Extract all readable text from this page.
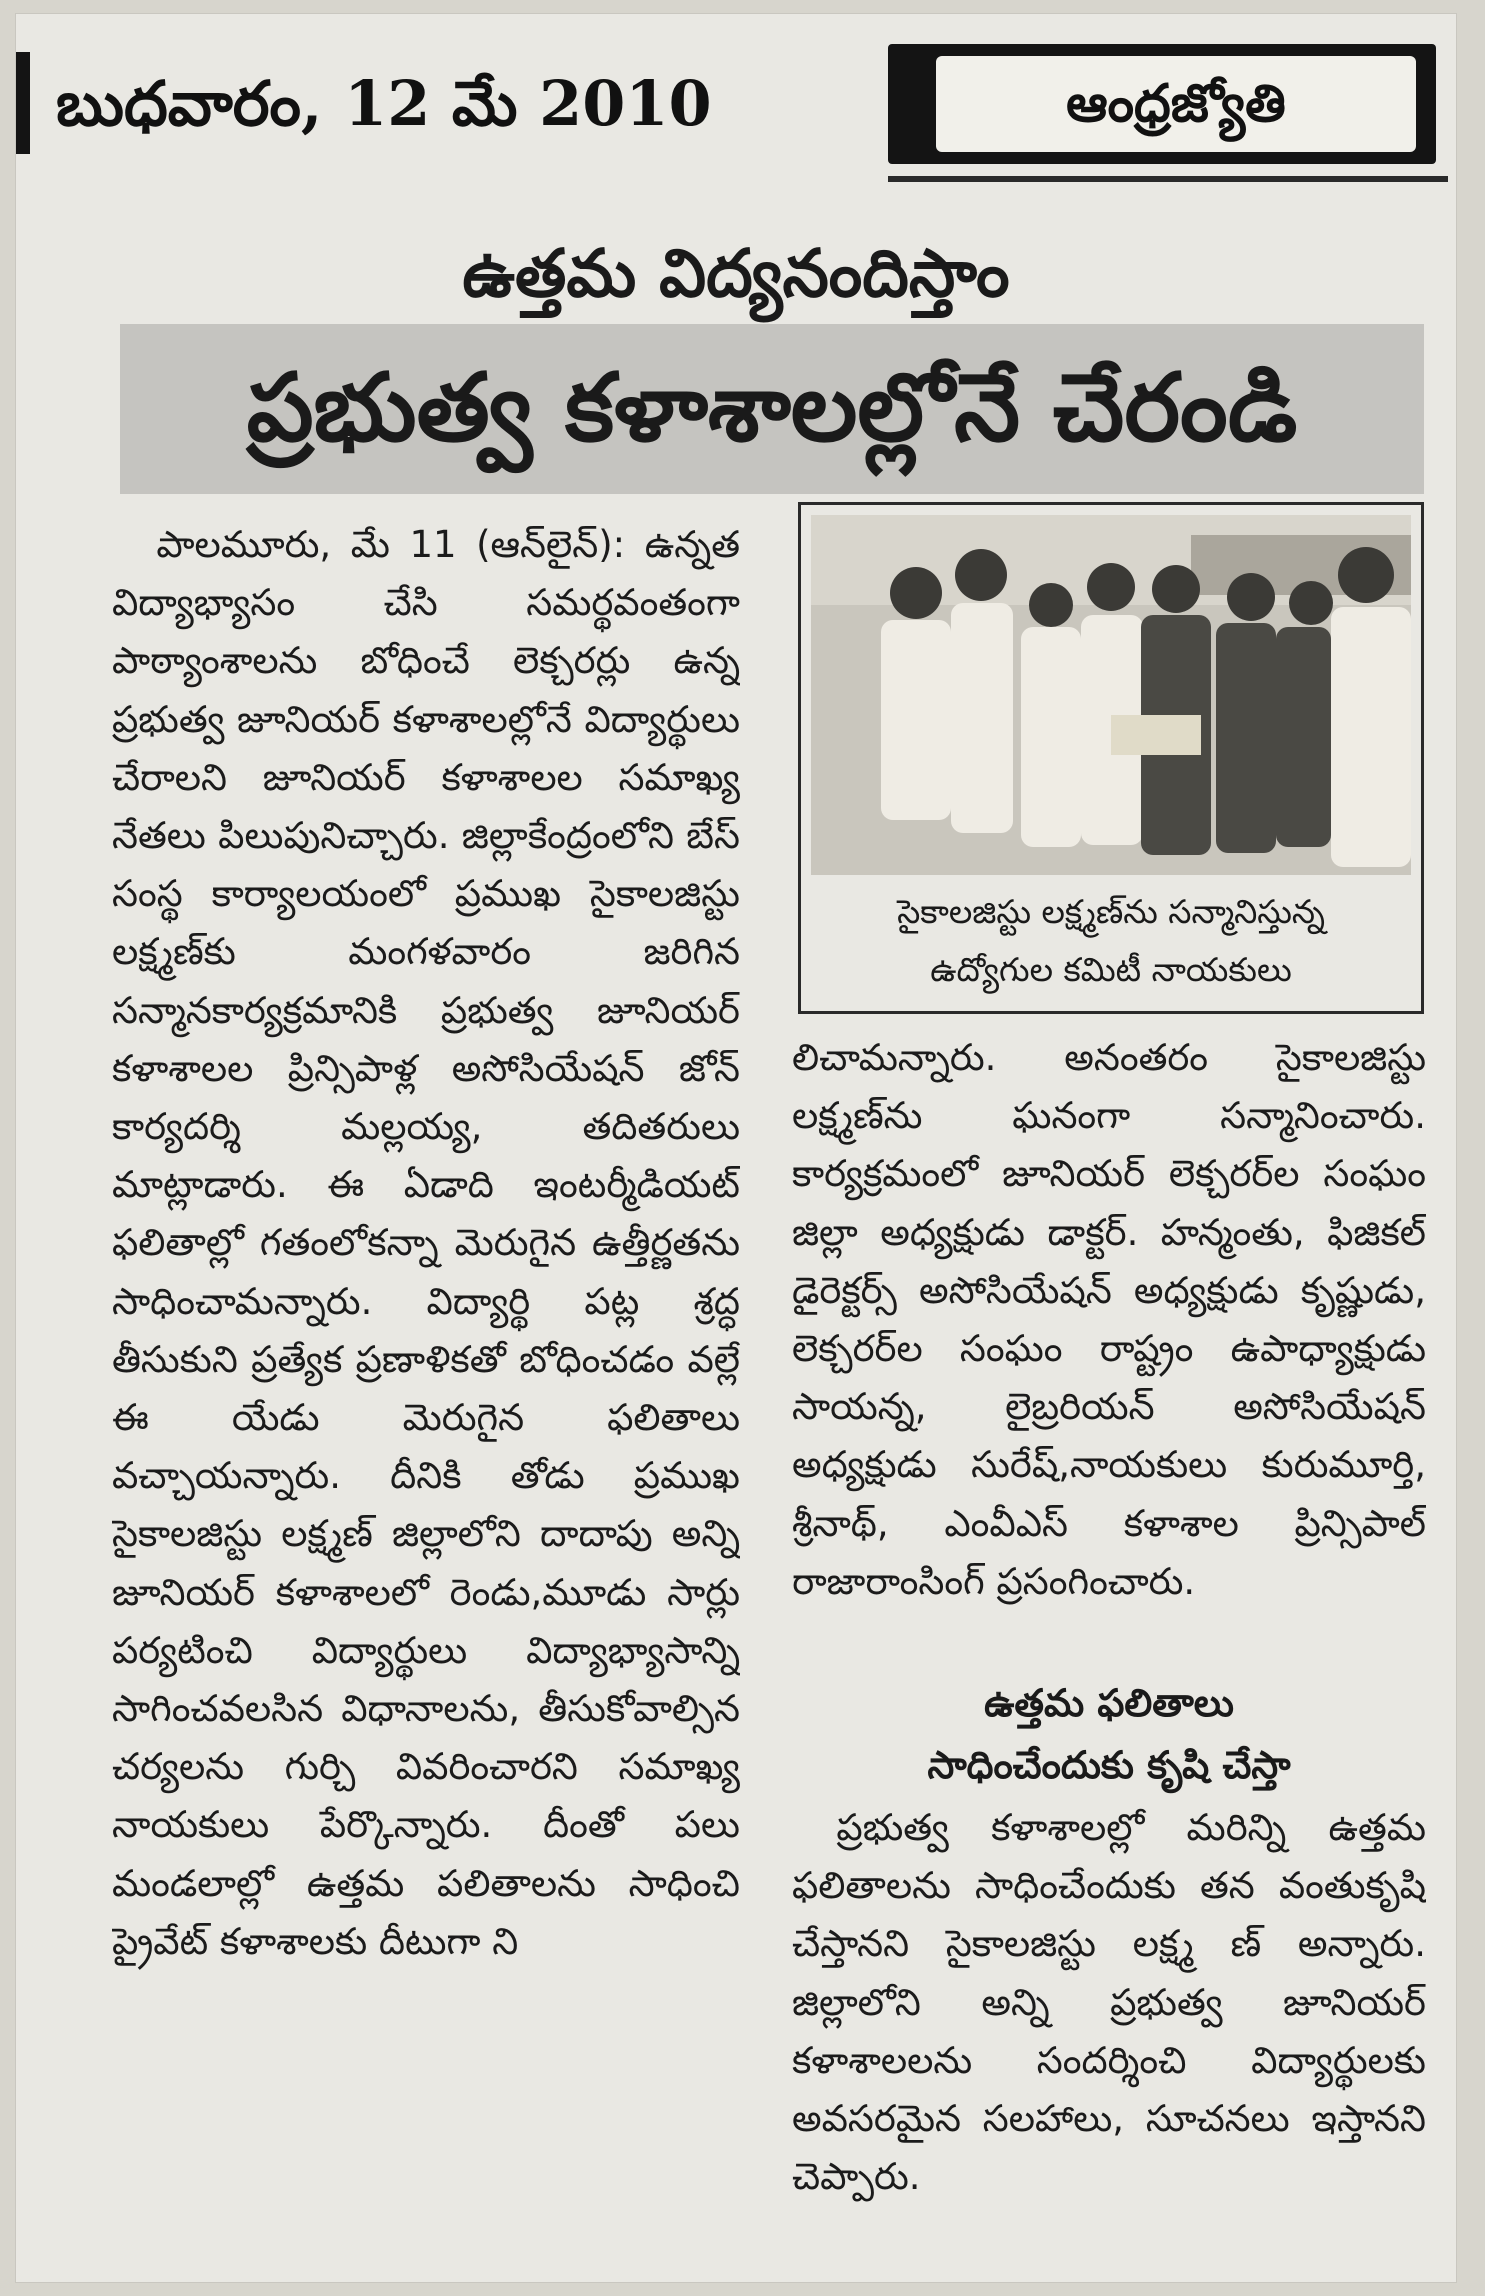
బుధవారం, 12 మే 2010	ఆంధ్రజ్యోతి
ఉత్తమ విద్యనందిస్తాం
ప్రభుత్వ కళాశాలల్లోనే చేరండి

పాలమూరు, మే 11 (ఆన్‌లైన్): ఉన్నత విద్యాభ్యాసం చేసి సమర్థవంతంగా పాఠ్యాంశాలను బోధించే లెక్చరర్లు ఉన్న ప్రభుత్వ జూనియర్ కళాశాలల్లోనే విద్యార్థులు చేరాలని జూనియర్ కళాశాలల సమాఖ్య నేతలు పిలుపునిచ్చారు. జిల్లాకేంద్రంలోని బేస్ సంస్థ కార్యాలయంలో ప్రముఖ సైకాలజిస్టు లక్ష్మణ్‌కు మంగళవారం జరిగిన సన్మానకార్యక్రమానికి ప్రభుత్వ జూనియర్ కళాశాలల ప్రిన్సిపాళ్ల అసోసియేషన్ జోన్ కార్యదర్శి మల్లయ్య, తదితరులు మాట్లాడారు. ఈ ఏడాది ఇంటర్మీడియట్ ఫలితాల్లో గతంలోకన్నా మెరుగైన ఉత్తీర్ణతను సాధించామన్నారు. విద్యార్థి పట్ల శ్రద్ధ తీసుకుని ప్రత్యేక ప్రణాళికతో బోధించడం వల్లే ఈ యేడు మెరుగైన ఫలితాలు వచ్చాయన్నారు. దీనికి తోడు ప్రముఖ సైకాలజిస్టు లక్ష్మణ్ జిల్లాలోని దాదాపు అన్ని జూనియర్ కళాశాలలో రెండు,మూడు సార్లు పర్యటించి విద్యార్థులు విద్యాభ్యాసాన్ని సాగించవలసిన విధానాలను, తీసుకోవాల్సిన చర్యలను గుర్చి వివరించారని సమాఖ్య నాయకులు పేర్కొన్నారు. దీంతో పలు మండలాల్లో ఉత్తమ పలితాలను సాధించి ప్రైవేట్ కళాశాలకు దీటుగా ని

సైకాలజిస్టు లక్ష్మణ్‌ను సన్మానిస్తున్న
ఉద్యోగుల కమిటీ నాయకులు

లిచామన్నారు. అనంతరం సైకాలజిస్టు లక్ష్మణ్‌ను ఘనంగా సన్మానించారు. కార్యక్రమంలో జూనియర్ లెక్చరర్‌ల సంఘం జిల్లా అధ్యక్షుడు డాక్టర్. హన్మంతు, ఫిజికల్ డైరెక్టర్స్ అసోసియేషన్ అధ్యక్షుడు కృష్ణుడు, లెక్చరర్‌ల సంఘం రాష్ట్రం ఉపాధ్యాక్షుడు సాయన్న, లైబ్రరియన్ అసోసియేషన్ అధ్యక్షుడు సురేష్,నాయకులు కురుమూర్తి, శ్రీనాథ్, ఎంవీఎస్ కళాశాల ప్రిన్సిపాల్ రాజారాంసింగ్ ప్రసంగించారు.

ఉత్తమ ఫలితాలు
సాధించేందుకు కృషి చేస్తా

ప్రభుత్వ కళాశాలల్లో మరిన్ని ఉత్తమ ఫలితాలను సాధించేందుకు తన వంతుకృషి చేస్తానని సైకాలజిస్టు లక్ష్మ ణ్ అన్నారు. జిల్లాలోని అన్ని ప్రభుత్వ జూనియర్ కళాశాలలను సందర్శించి విద్యార్థులకు అవసరమైన సలహాలు, సూచనలు ఇస్తానని చెప్పారు.
